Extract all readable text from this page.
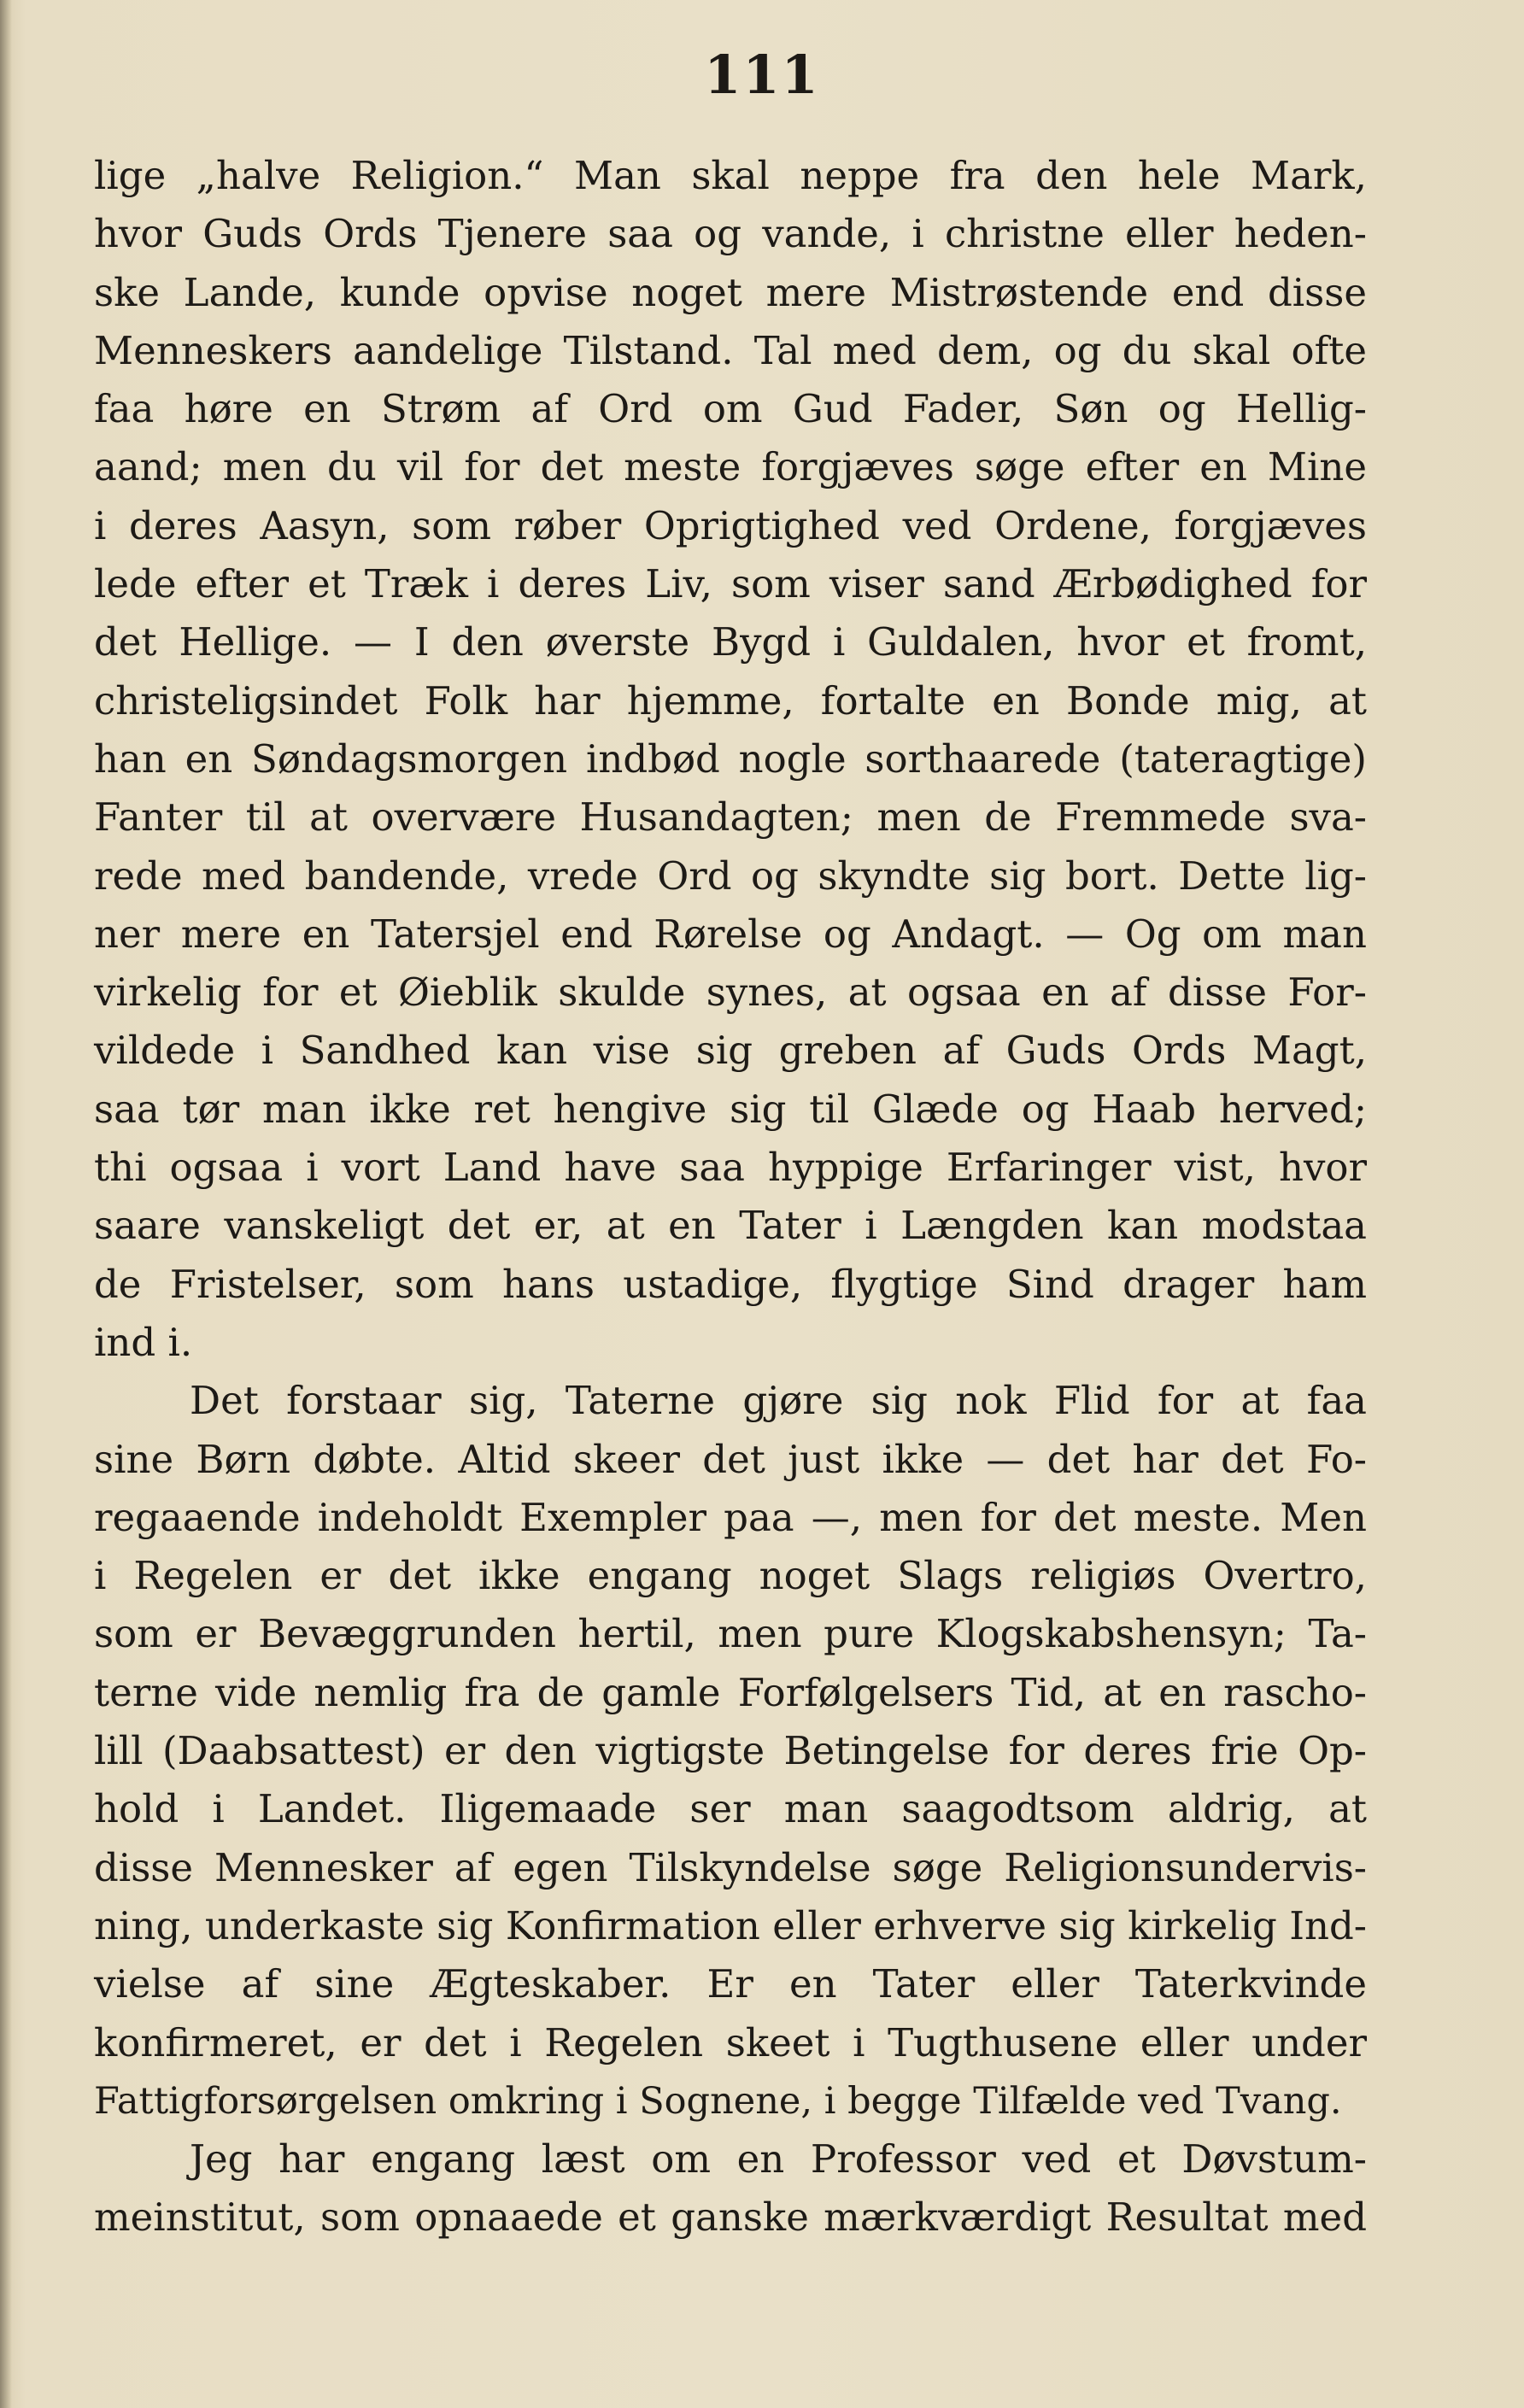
111
lige „halve Religion.“ Man skal neppe fra den hele Mark,
hvor Guds Ords Tjenere saa og vande, i christne eller heden-
ske Lande, kunde opvise noget mere Mistrøstende end disse
Menneskers aandelige Tilstand. Tal med dem, og du skal ofte
faa høre en Strøm af Ord om Gud Fader, Søn og Hellig-
aand; men du vil for det meste forgjæves søge efter en Mine
i deres Aasyn, som røber Oprigtighed ved Ordene, forgjæves
lede efter et Træk i deres Liv, som viser sand Ærbødighed for
det Hellige. — I den øverste Bygd i Guldalen, hvor et fromt,
christeligsindet Folk har hjemme, fortalte en Bonde mig, at
han en Søndagsmorgen indbød nogle sorthaarede (tateragtige)
Fanter til at overvære Husandagten; men de Fremmede sva-
rede med bandende, vrede Ord og skyndte sig bort. Dette lig-
ner mere en Tatersjel end Rørelse og Andagt. — Og om man
virkelig for et Øieblik skulde synes, at ogsaa en af disse For-
vildede i Sandhed kan vise sig greben af Guds Ords Magt,
saa tør man ikke ret hengive sig til Glæde og Haab herved;
thi ogsaa i vort Land have saa hyppige Erfaringer vist, hvor
saare vanskeligt det er, at en Tater i Længden kan modstaa
de Fristelser, som hans ustadige, flygtige Sind drager ham
ind i.
Det forstaar sig, Taterne gjøre sig nok Flid for at faa
sine Børn døbte. Altid skeer det just ikke — det har det Fo-
regaaende indeholdt Exempler paa —, men for det meste. Men
i Regelen er det ikke engang noget Slags religiøs Overtro,
som er Bevæggrunden hertil, men pure Klogskabshensyn; Ta-
terne vide nemlig fra de gamle Forfølgelsers Tid, at en rascho-
lill (Daabsattest) er den vigtigste Betingelse for deres frie Op-
hold i Landet. Iligemaade ser man saagodtsom aldrig, at
disse Mennesker af egen Tilskyndelse søge Religionsundervis-
ning, underkaste sig Konfirmation eller erhverve sig kirkelig Ind-
vielse af sine Ægteskaber. Er en Tater eller Taterkvinde
konfirmeret, er det i Regelen skeet i Tugthusene eller under
Fattigforsørgelsen omkring i Sognene, i begge Tilfælde ved Tvang.
Jeg har engang læst om en Professor ved et Døvstum-
meinstitut, som opnaaede et ganske mærkværdigt Resultat med
